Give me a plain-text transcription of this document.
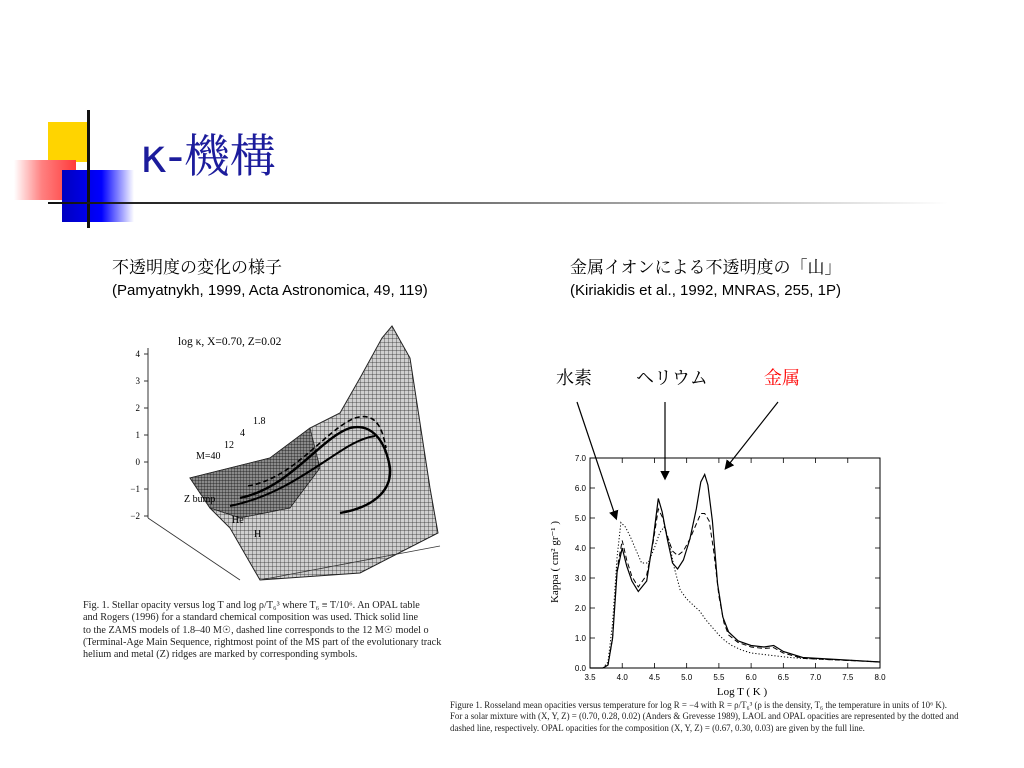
κ-機構
不透明度の変化の様子
(Pamyatnykh, 1999, Acta Astronomica, 49, 119)
4
3
2
1
0
−1
−2
log κ, X=0.70, Z=0.02
M=40
12
4
1.8
Z bump
He
H
Fig. 1. Stellar opacity versus log T and log ρ/T₆³ where T₆ ≡ T/10⁶. An OPAL table
and Rogers (1996) for a standard chemical composition was used. Thick solid line
to the ZAMS models of 1.8–40 M☉, dashed line corresponds to the 12 M☉ model o
(Terminal-Age Main Sequence, rightmost point of the MS part of the evolutionary track
helium and metal (Z) ridges are marked by corresponding symbols.
金属イオンによる不透明度の「山」
(Kiriakidis et al., 1992, MNRAS, 255, 1P)
水素 ヘリウム	金属
3.5	4.0	4.5	5.0	5.5	6.0	6.5	7.0	7.5	8.0
0.0
1.0
2.0
3.0
4.0
5.0
6.0
7.0
Log T ( K )
Kappa ( cm² gr⁻¹ )
Figure 1. Rosseland mean opacities versus temperature for log R = −4 with R = ρ/T₆³ (ρ is the density, T₆ the temperature in units of 10⁶ K).
For a solar mixture with (X, Y, Z) = (0.70, 0.28, 0.02) (Anders & Grevesse 1989), LAOL and OPAL opacities are represented by the dotted and
dashed line, respectively. OPAL opacities for the composition (X, Y, Z) = (0.67, 0.30, 0.03) are given by the full line.
